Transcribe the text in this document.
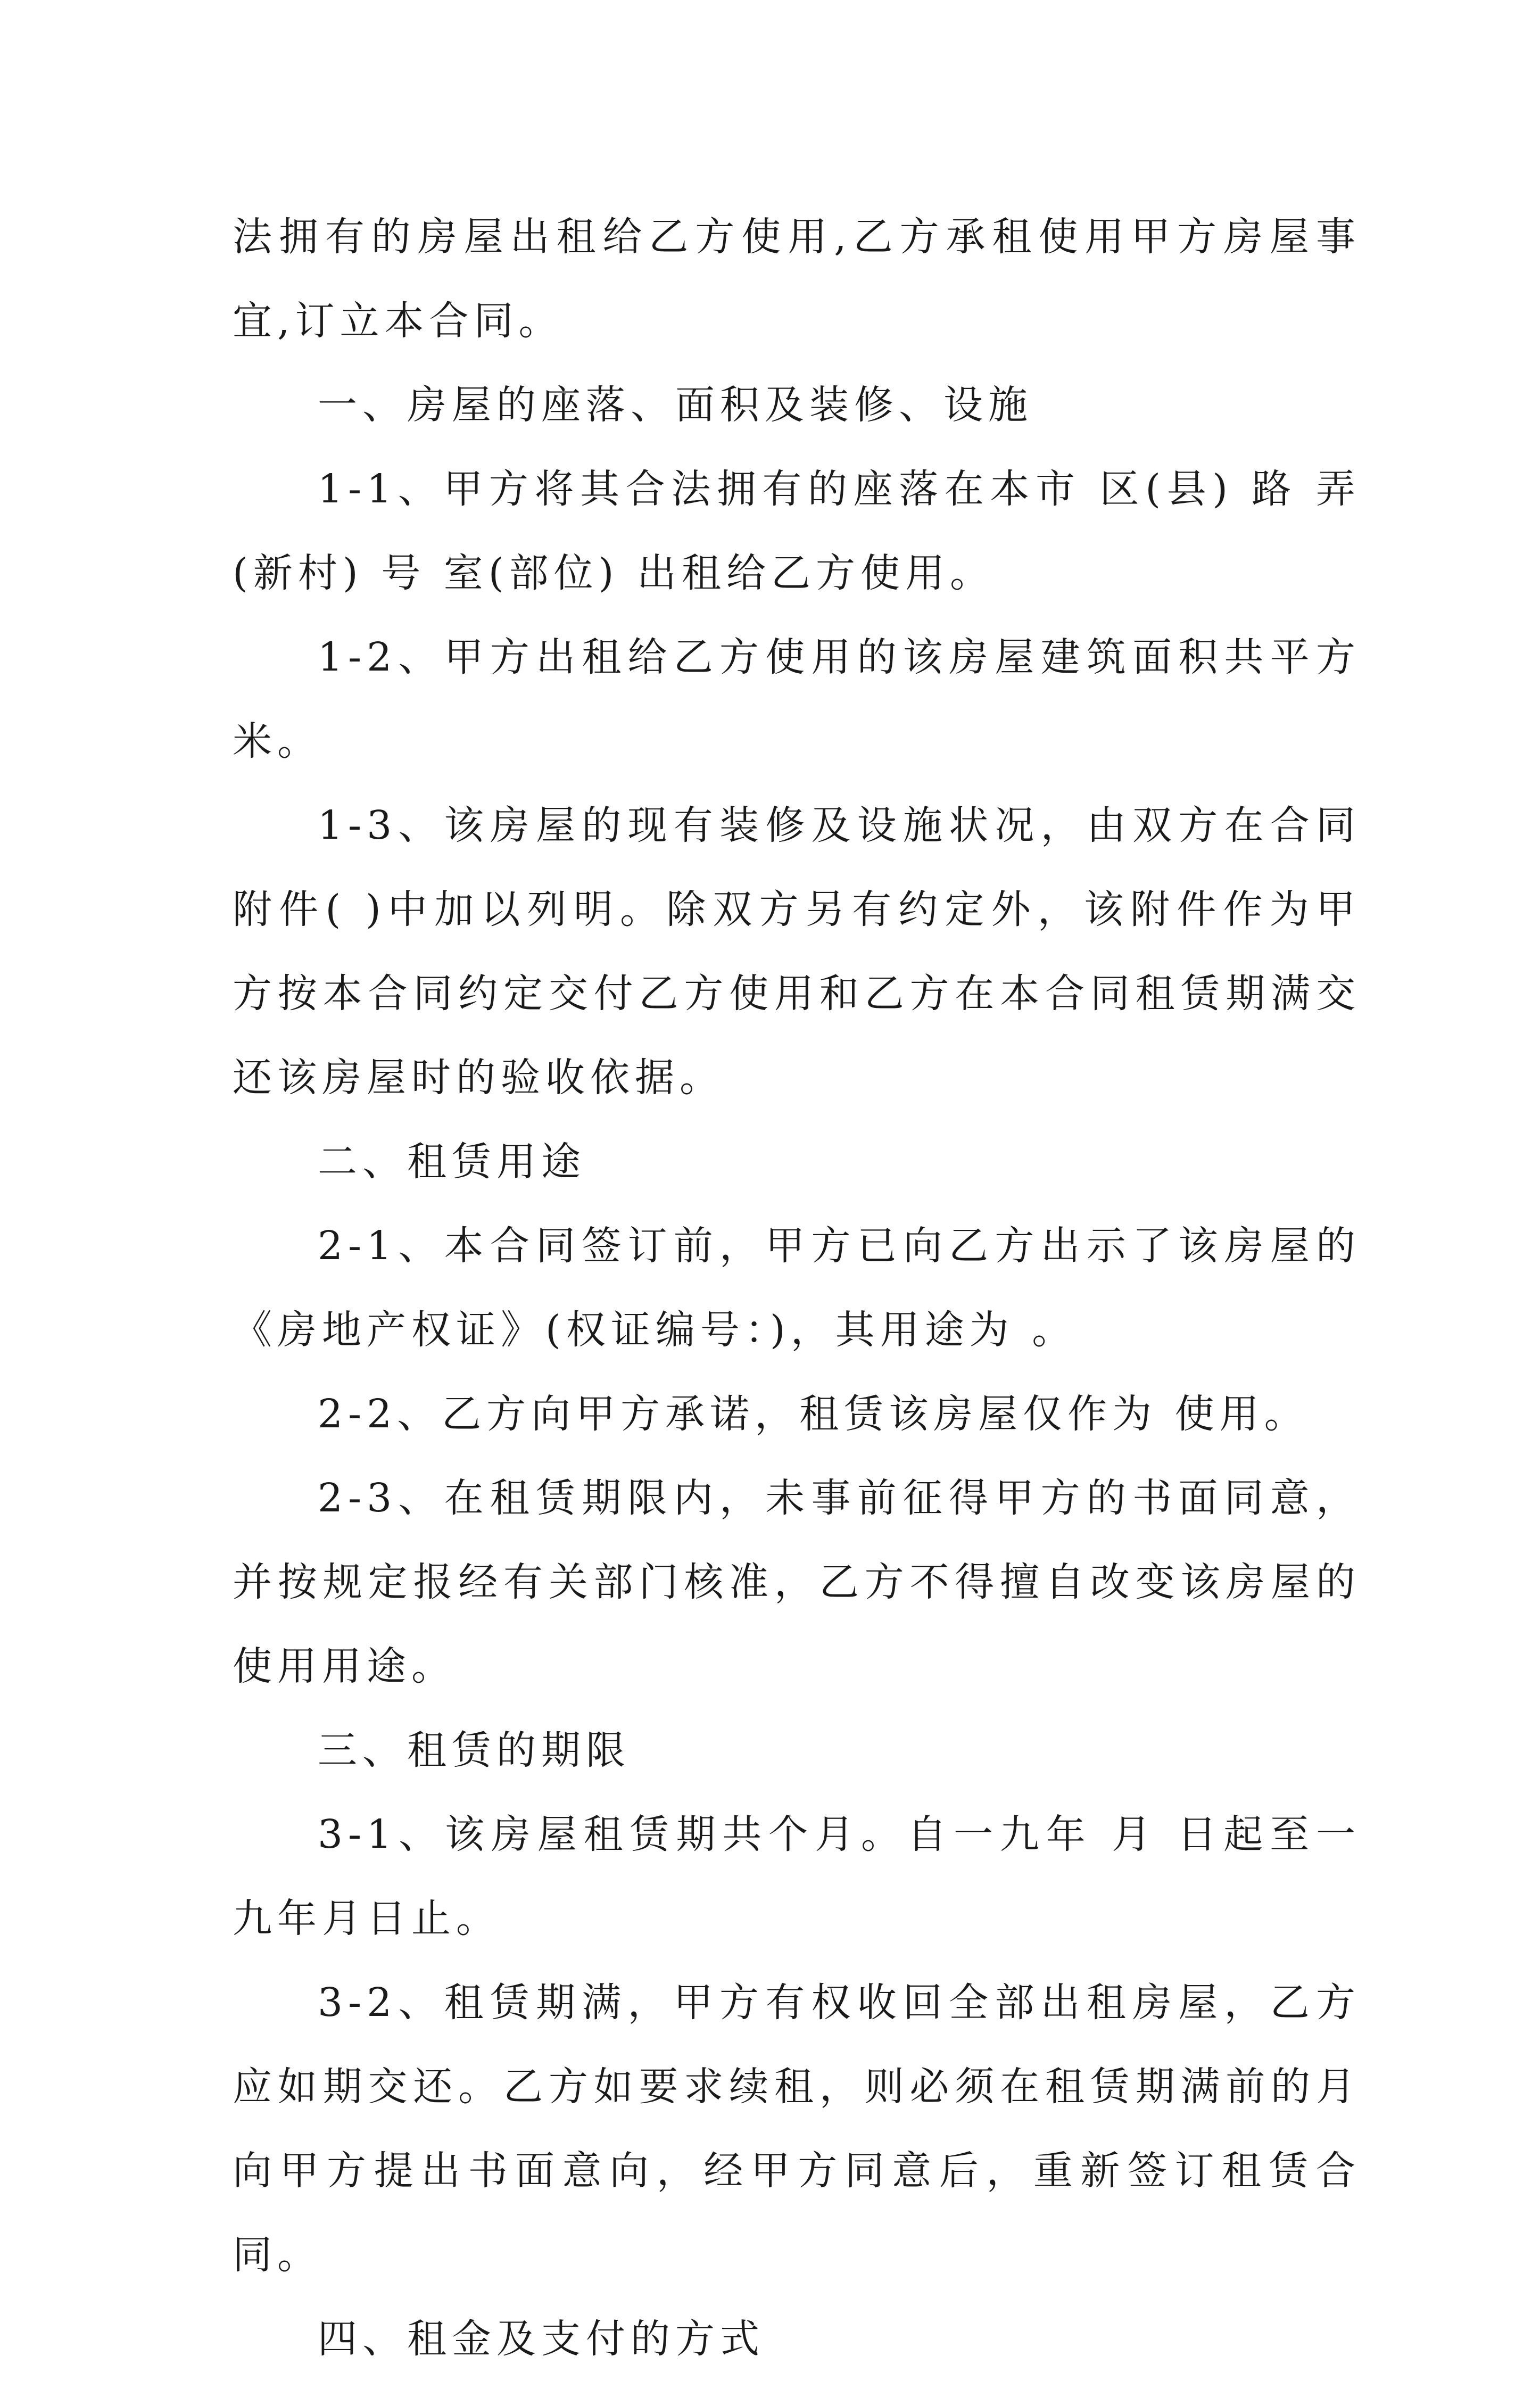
法拥有的房屋出租给乙方使用,乙方承租使用甲方房屋事宜,订立本合同。

一、房屋的座落、面积及装修、设施

1-1、甲方将其合法拥有的座落在本市 区(县) 路 弄(新村) 号 室(部位) 出租给乙方使用。

1-2、甲方出租给乙方使用的该房屋建筑面积共平方米。

1-3、该房屋的现有装修及设施状况，由双方在合同附件( )中加以列明。除双方另有约定外，该附件作为甲方按本合同约定交付乙方使用和乙方在本合同租赁期满交还该房屋时的验收依据。

二、租赁用途

2-1、本合同签订前，甲方已向乙方出示了该房屋的《房地产权证》(权证编号：)，其用途为 。

2-2、乙方向甲方承诺，租赁该房屋仅作为 使用。

2-3、在租赁期限内，未事前征得甲方的书面同意，并按规定报经有关部门核准，乙方不得擅自改变该房屋的使用用途。

三、租赁的期限

3-1、该房屋租赁期共个月。自一九年 月 日起至一九年月日止。

3-2、租赁期满，甲方有权收回全部出租房屋，乙方应如期交还。乙方如要求续租，则必须在租赁期满前的月向甲方提出书面意向，经甲方同意后，重新签订租赁合同。

四、租金及支付的方式
